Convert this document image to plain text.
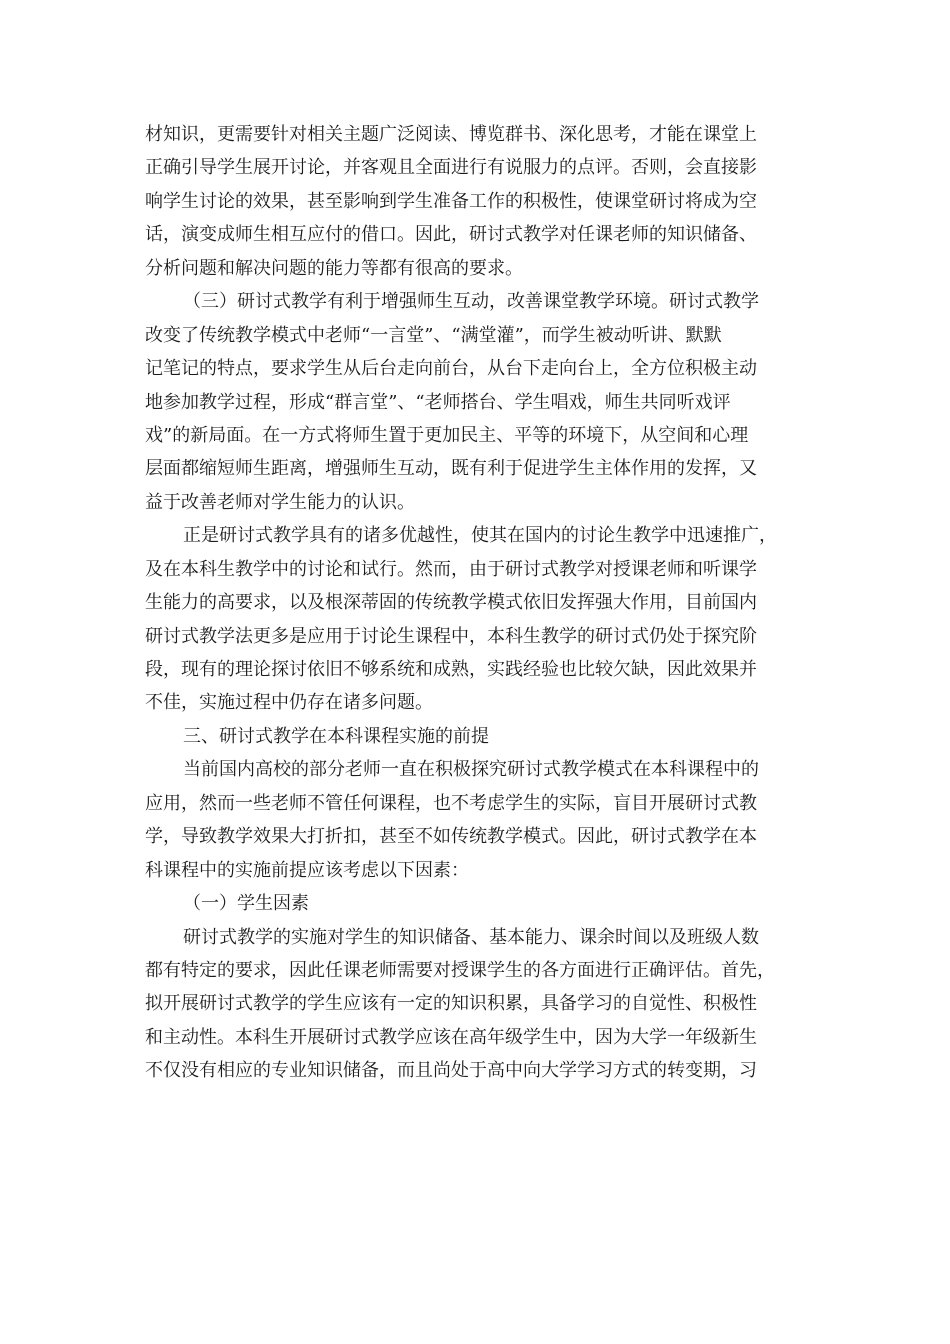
材知识，更需要针对相关主题广泛阅读、博览群书、深化思考，才能在课堂上
正确引导学生展开讨论，并客观且全面进行有说服力的点评。否则，会直接影
响学生讨论的效果，甚至影响到学生准备工作的积极性，使课堂研讨将成为空
话，演变成师生相互应付的借口。因此，研讨式教学对任课老师的知识储备、
分析问题和解决问题的能力等都有很高的要求。
（三）研讨式教学有利于增强师生互动，改善课堂教学环境。研讨式教学
改变了传统教学模式中老师“一言堂”、“满堂灌”，而学生被动听讲、默默
记笔记的特点，要求学生从后台走向前台，从台下走向台上，全方位积极主动
地参加教学过程，形成“群言堂”、“老师搭台、学生唱戏，师生共同听戏评
戏”的新局面。在一方式将师生置于更加民主、平等的环境下，从空间和心理
层面都缩短师生距离，增强师生互动，既有利于促进学生主体作用的发挥，又
益于改善老师对学生能力的认识。
正是研讨式教学具有的诸多优越性，使其在国内的讨论生教学中迅速推广，
及在本科生教学中的讨论和试行。然而，由于研讨式教学对授课老师和听课学
生能力的高要求，以及根深蒂固的传统教学模式依旧发挥强大作用，目前国内
研讨式教学法更多是应用于讨论生课程中，本科生教学的研讨式仍处于探究阶
段，现有的理论探讨依旧不够系统和成熟，实践经验也比较欠缺，因此效果并
不佳，实施过程中仍存在诸多问题。
三、研讨式教学在本科课程实施的前提
当前国内高校的部分老师一直在积极探究研讨式教学模式在本科课程中的
应用，然而一些老师不管任何课程，也不考虑学生的实际，盲目开展研讨式教
学，导致教学效果大打折扣，甚至不如传统教学模式。因此，研讨式教学在本
科课程中的实施前提应该考虑以下因素：
（一）学生因素
研讨式教学的实施对学生的知识储备、基本能力、课余时间以及班级人数
都有特定的要求，因此任课老师需要对授课学生的各方面进行正确评估。首先，
拟开展研讨式教学的学生应该有一定的知识积累，具备学习的自觉性、积极性
和主动性。本科生开展研讨式教学应该在高年级学生中，因为大学一年级新生
不仅没有相应的专业知识储备，而且尚处于高中向大学学习方式的转变期，习
